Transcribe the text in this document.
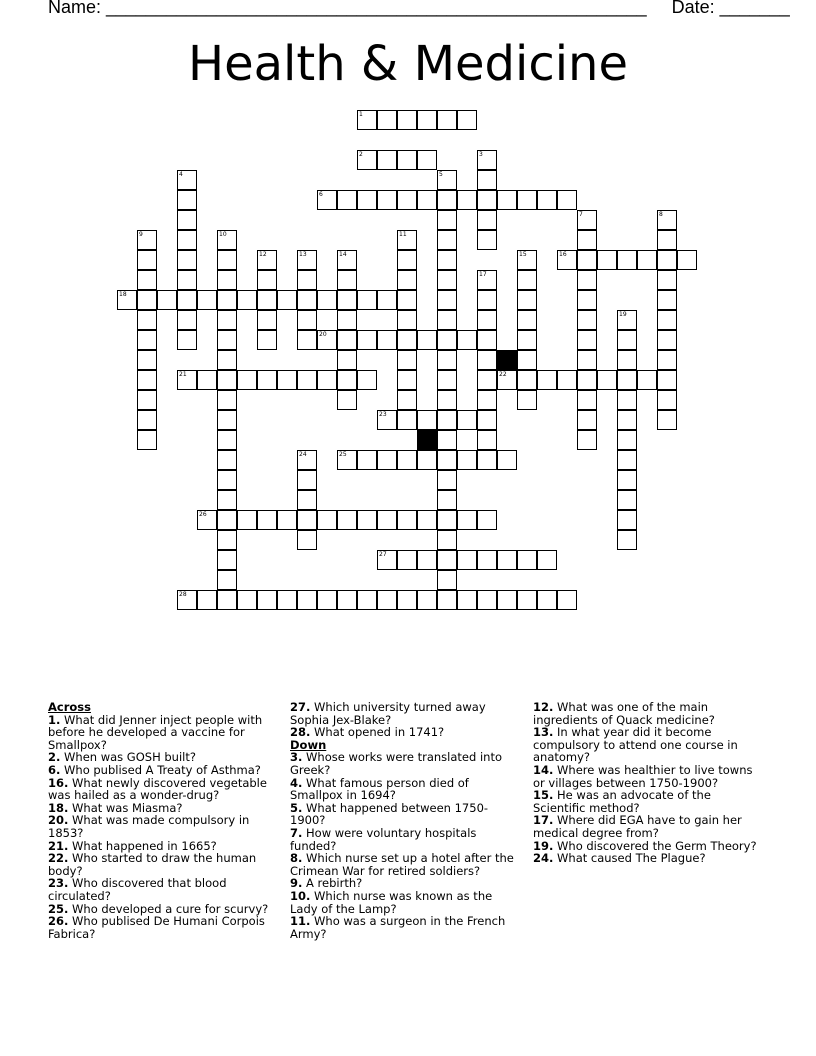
Name: ______________________________________________________     Date: _______
Health & Medicine
1
2
6
16
18
20
21	22
23
25
26
27
28
3
4	5
7	8
9	10	11
12	13	14	15
17
19
24
Across
1. What did Jenner inject people with before he developed a vaccine for Smallpox?
2. When was GOSH built?
6. Who publised A Treaty of Asthma?
16. What newly discovered vegetable was hailed as a wonder-drug?
18. What was Miasma?
20. What was made compulsory in 1853?
21. What happened in 1665?
22. Who started to draw the human body?
23. Who discovered that blood circulated?
25. Who developed a cure for scurvy?
26. Who publised De Humani Corpois Fabrica?
27. Which university turned away Sophia Jex-Blake?
28. What opened in 1741?
Down
3. Whose works were translated into Greek?
4. What famous person died of Smallpox in 1694?
5. What happened between 1750-1900?
7. How were voluntary hospitals funded?
8. Which nurse set up a hotel after the Crimean War for retired soldiers?
9. A rebirth?
10. Which nurse was known as the Lady of the Lamp?
11. Who was a surgeon in the French Army?
12. What was one of the main ingredients of Quack medicine?
13. In what year did it become compulsory to attend one course in anatomy?
14. Where was healthier to live towns or villages between 1750-1900?
15. He was an advocate of the Scientific method?
17. Where did EGA have to gain her medical degree from?
19. Who discovered the Germ Theory?
24. What caused The Plague?
